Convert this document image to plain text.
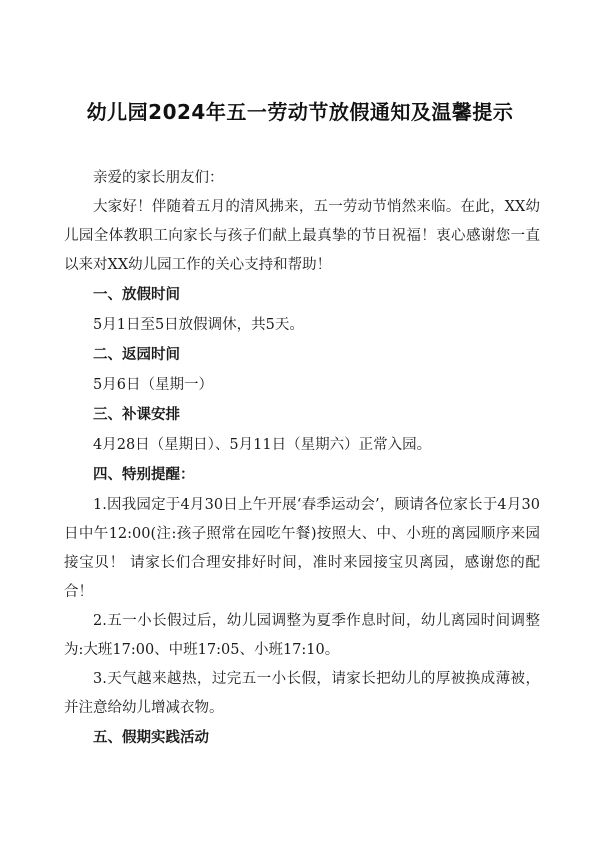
幼儿园2024年五一劳动节放假通知及温馨提示

亲爱的家长朋友们：

大家好！伴随着五月的清风拂来，五一劳动节悄然来临。在此，XX幼儿园全体教职工向家长与孩子们献上最真挚的节日祝福！衷心感谢您一直以来对XX幼儿园工作的关心支持和帮助！

一、放假时间

5月1日至5日放假调休，共5天。

二、返园时间

5月6日（星期一）

三、补课安排

4月28日（星期日）、5月11日（星期六）正常入园。

四、特别提醒：

1.因我园定于4月30日上午开展‘春季运动会’，顾请各位家长于4月30日中午12:00(注:孩子照常在园吃午餐)按照大、中、小班的离园顺序来园接宝贝！ 请家长们合理安排好时间，准时来园接宝贝离园，感谢您的配合！

2.五一小长假过后，幼儿园调整为夏季作息时间，幼儿离园时间调整为:大班17:00、中班17:05、小班17:10。

3.天气越来越热，过完五一小长假，请家长把幼儿的厚被换成薄被，并注意给幼儿增减衣物。

五、假期实践活动
